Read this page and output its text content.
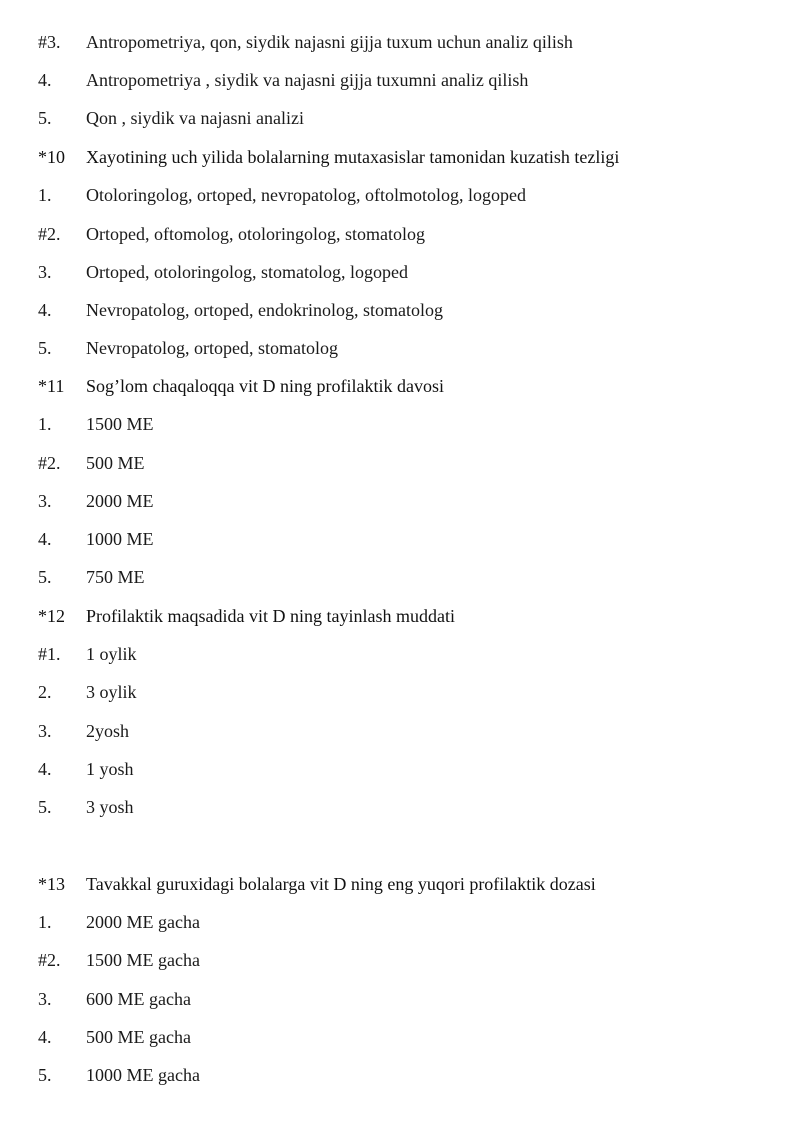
#3.	Antropometriya, qon, siydik najasni gijja tuxum uchun analiz qilish
4.	Antropometriya , siydik va najasni gijja tuxumni analiz qilish
5.	Qon , siydik va najasni analizi
*10	Xayotining uch yilida bolalarning mutaxasislar tamonidan kuzatish tezligi
1.	Otoloringolog, ortoped, nevropatolog, oftolmotolog, logoped
#2.	Ortoped, oftomolog, otoloringolog, stomatolog
3.	Ortoped, otoloringolog, stomatolog, logoped
4.	Nevropatolog, ortoped, endokrinolog, stomatolog
5.	Nevropatolog, ortoped, stomatolog
*11	Sog’lom chaqaloqqa vit D ning profilaktik davosi
1.	1500 ME
#2.	500 ME
3.	2000 ME
4.	1000 ME
5.	750 ME
*12	Profilaktik maqsadida vit D ning tayinlash muddati
#1.	1 oylik
2.	3 oylik
3.	2yosh
4.	1 yosh
5.	3 yosh
*13	Tavakkal guruxidagi bolalarga vit D ning eng yuqori profilaktik dozasi
1.	2000 ME gacha
#2.	1500 ME gacha
3.	600 ME gacha
4.	500 ME gacha
5.	1000 ME gacha
